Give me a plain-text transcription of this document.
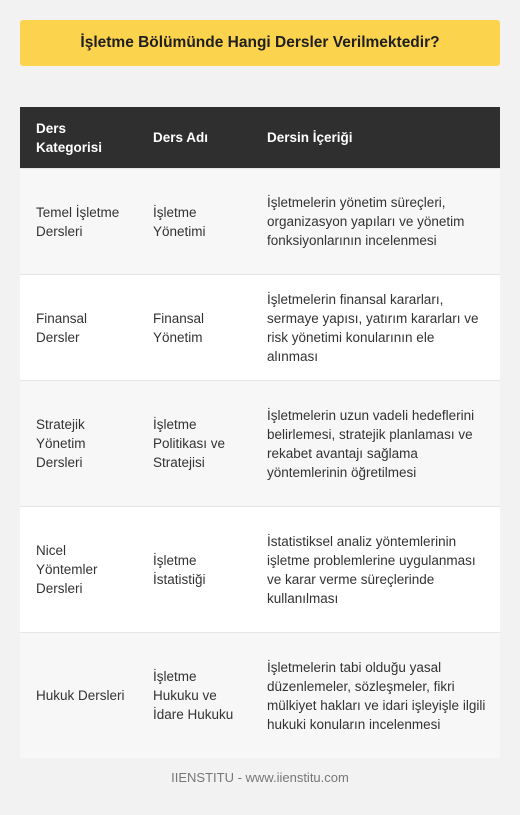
İşletme Bölümünde Hangi Dersler Verilmektedir?
Ders Kategorisi
Ders Adı	Dersin İçeriği
Temel İşletme Dersleri
İşletme Yönetimi
İşletmelerin yönetim süreçleri, organizasyon yapıları ve yönetim fonksiyonlarının incelenmesi
Finansal Dersler
Finansal Yönetim
İşletmelerin finansal kararları, sermaye yapısı, yatırım kararları ve risk yönetimi konularının ele alınması
Stratejik Yönetim Dersleri
İşletme Politikası ve Stratejisi
İşletmelerin uzun vadeli hedeflerini belirlemesi, stratejik planlaması ve rekabet avantajı sağlama yöntemlerinin öğretilmesi
Nicel Yöntemler Dersleri
İşletme İstatistiği
İstatistiksel analiz yöntemlerinin işletme problemlerine uygulanması ve karar verme süreçlerinde kullanılması
Hukuk Dersleri
İşletme Hukuku ve İdare Hukuku
İşletmelerin tabi olduğu yasal düzenlemeler, sözleşmeler, fikri mülkiyet hakları ve idari işleyişle ilgili hukuki konuların incelenmesi
IIENSTITU - www.iienstitu.com
